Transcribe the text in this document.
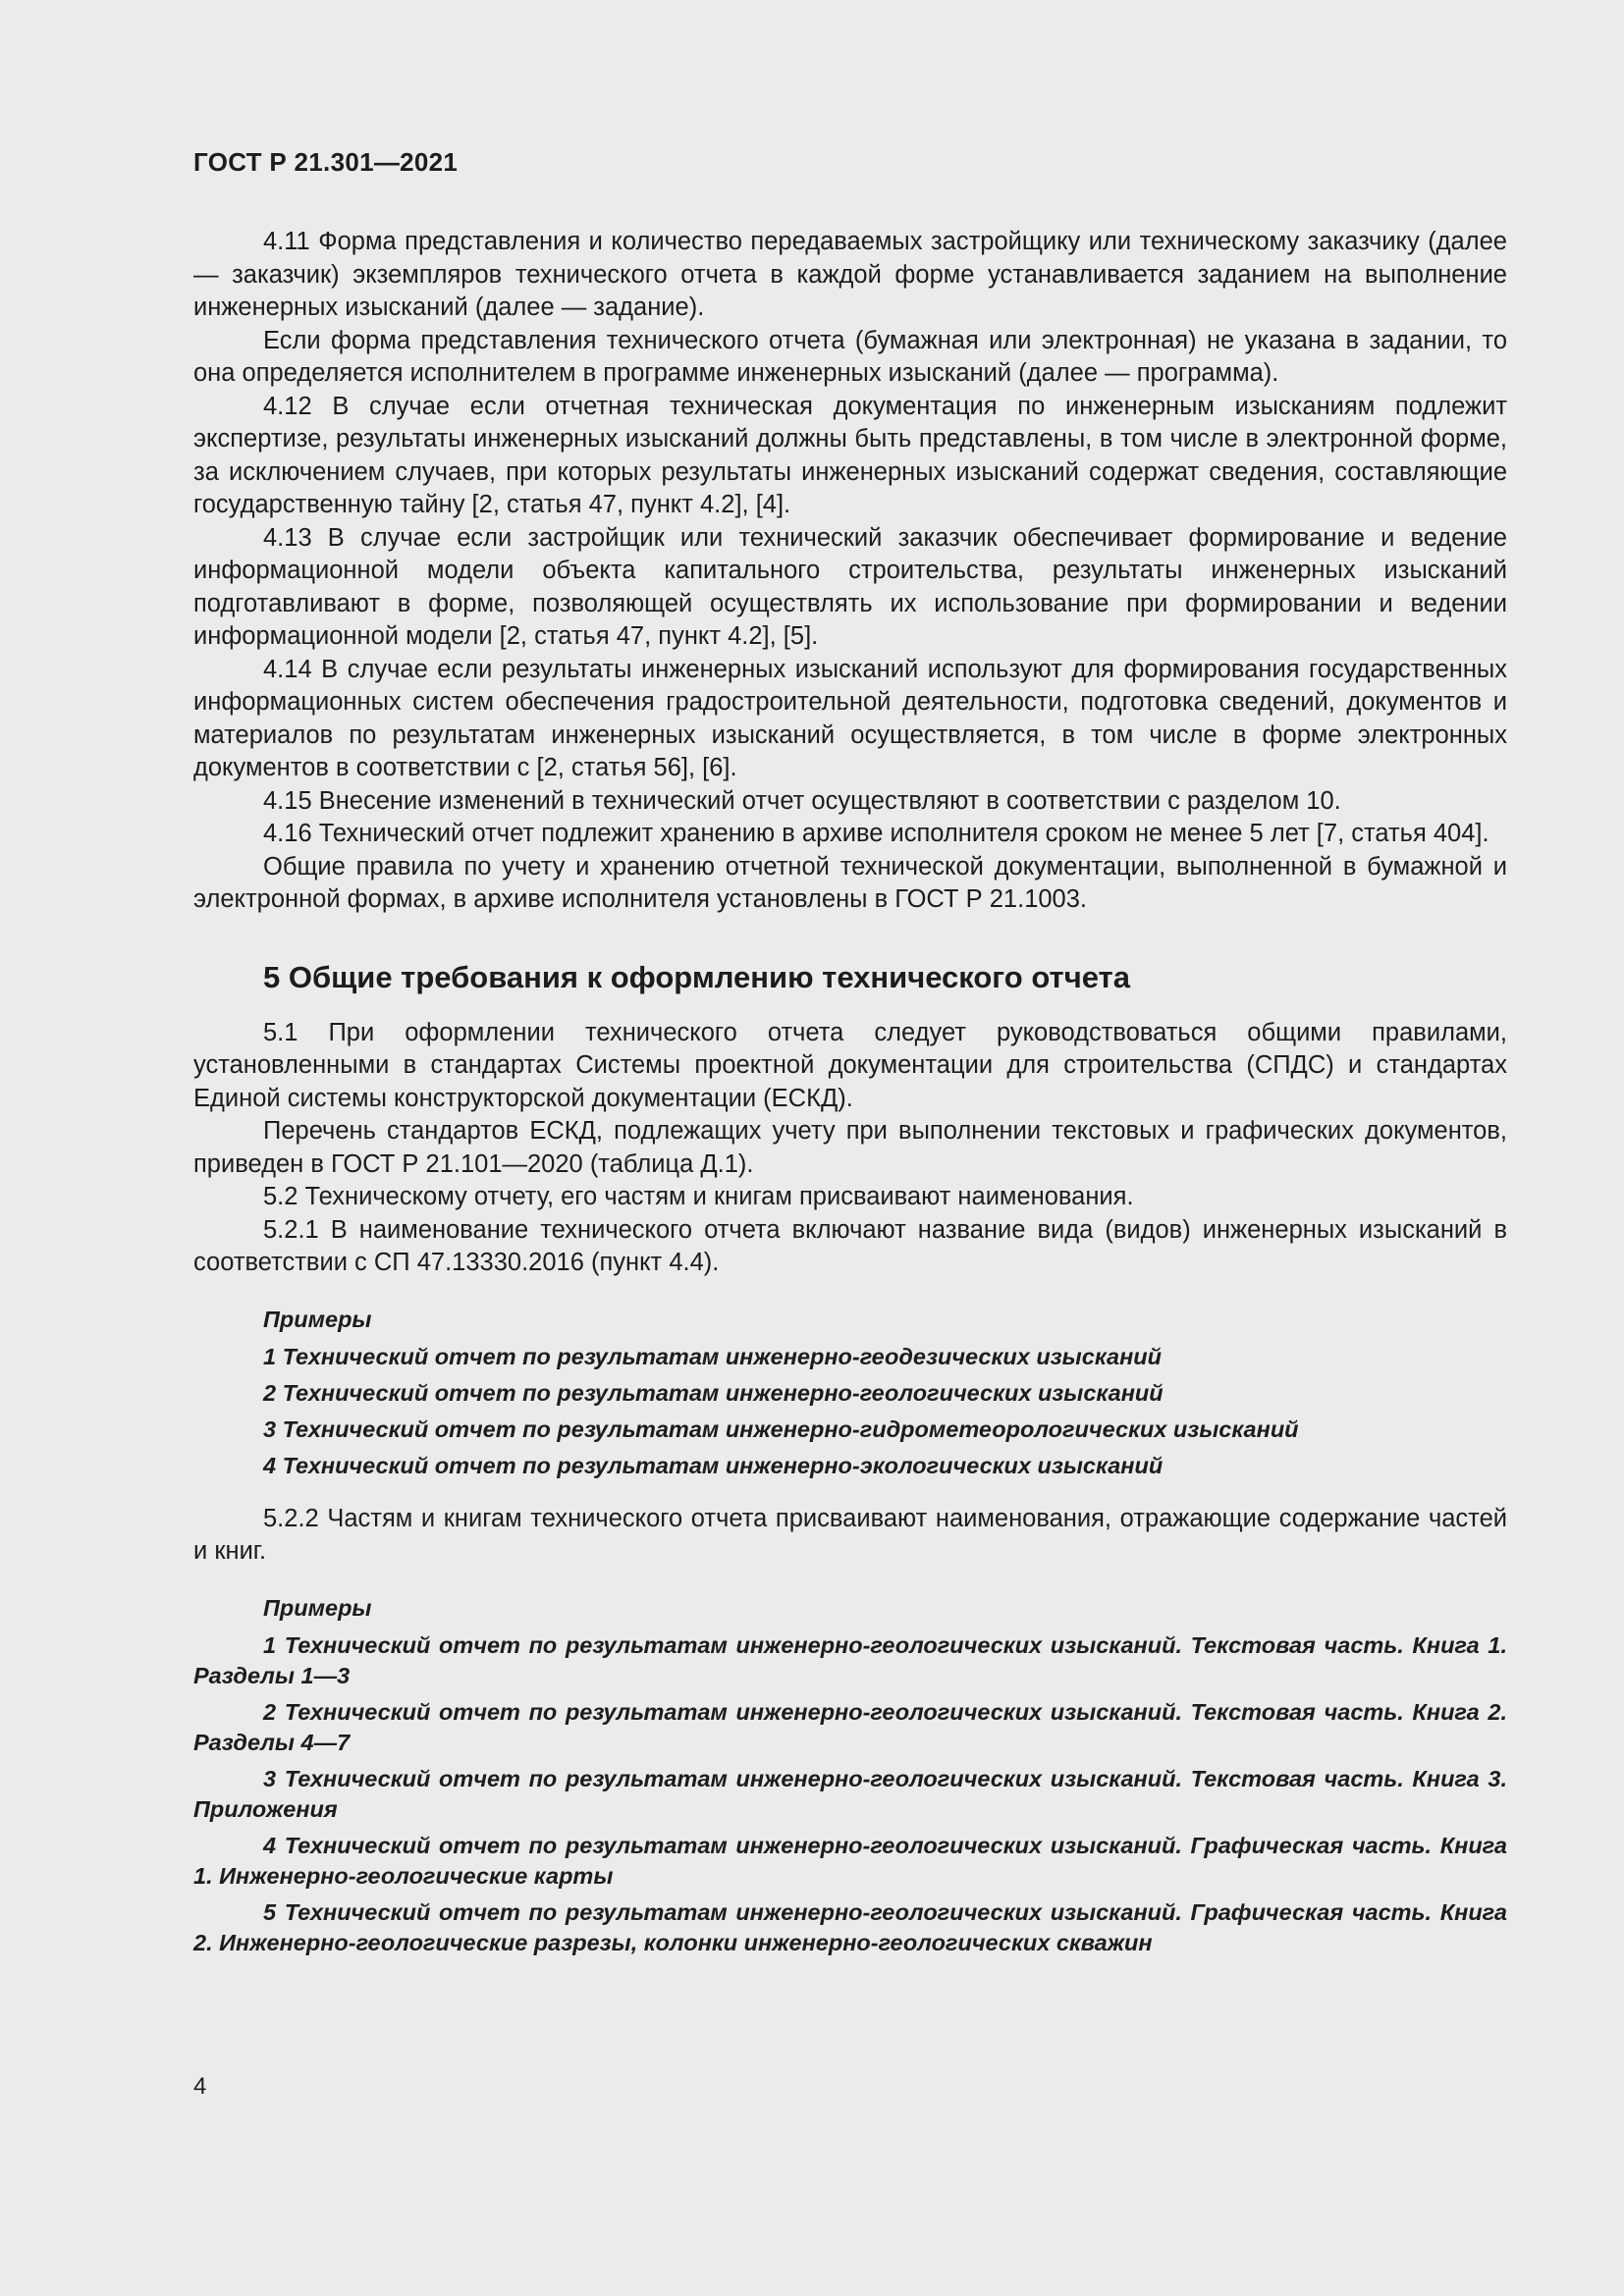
ГОСТ Р 21.301—2021

4.11 Форма представления и количество передаваемых застройщику или техническому заказчику (далее — заказчик) экземпляров технического отчета в каждой форме устанавливается заданием на выполнение инженерных изысканий (далее — задание).

Если форма представления технического отчета (бумажная или электронная) не указана в задании, то она определяется исполнителем в программе инженерных изысканий (далее — программа).

4.12 В случае если отчетная техническая документация по инженерным изысканиям подлежит экспертизе, результаты инженерных изысканий должны быть представлены, в том числе в электронной форме, за исключением случаев, при которых результаты инженерных изысканий содержат сведения, составляющие государственную тайну [2, статья 47, пункт 4.2], [4].

4.13 В случае если застройщик или технический заказчик обеспечивает формирование и ведение информационной модели объекта капитального строительства, результаты инженерных изысканий подготавливают в форме, позволяющей осуществлять их использование при формировании и ведении информационной модели [2, статья 47, пункт 4.2], [5].

4.14 В случае если результаты инженерных изысканий используют для формирования государственных информационных систем обеспечения градостроительной деятельности, подготовка сведений, документов и материалов по результатам инженерных изысканий осуществляется, в том числе в форме электронных документов в соответствии с [2, статья 56], [6].

4.15 Внесение изменений в технический отчет осуществляют в соответствии с разделом 10.

4.16 Технический отчет подлежит хранению в архиве исполнителя сроком не менее 5 лет [7, статья 404].

Общие правила по учету и хранению отчетной технической документации, выполненной в бумажной и электронной формах, в архиве исполнителя установлены в ГОСТ Р 21.1003.

5 Общие требования к оформлению технического отчета

5.1 При оформлении технического отчета следует руководствоваться общими правилами, установленными в стандартах Системы проектной документации для строительства (СПДС) и стандартах Единой системы конструкторской документации (ЕСКД).

Перечень стандартов ЕСКД, подлежащих учету при выполнении текстовых и графических документов, приведен в ГОСТ Р 21.101—2020 (таблица Д.1).

5.2 Техническому отчету, его частям и книгам присваивают наименования.

5.2.1 В наименование технического отчета включают название вида (видов) инженерных изысканий в соответствии с СП 47.13330.2016 (пункт 4.4).

Примеры

1 Технический отчет по результатам инженерно-геодезических изысканий

2 Технический отчет по результатам инженерно-геологических изысканий

3 Технический отчет по результатам инженерно-гидрометеорологических изысканий

4 Технический отчет по результатам инженерно-экологических изысканий

5.2.2 Частям и книгам технического отчета присваивают наименования, отражающие содержание частей и книг.

Примеры

1 Технический отчет по результатам инженерно-геологических изысканий. Текстовая часть. Книга 1. Разделы 1—3

2 Технический отчет по результатам инженерно-геологических изысканий. Текстовая часть. Книга 2. Разделы 4—7

3 Технический отчет по результатам инженерно-геологических изысканий. Текстовая часть. Книга 3. Приложения

4 Технический отчет по результатам инженерно-геологических изысканий. Графическая часть. Книга 1. Инженерно-геологические карты

5 Технический отчет по результатам инженерно-геологических изысканий. Графическая часть. Книга 2. Инженерно-геологические разрезы, колонки инженерно-геологических скважин

4
